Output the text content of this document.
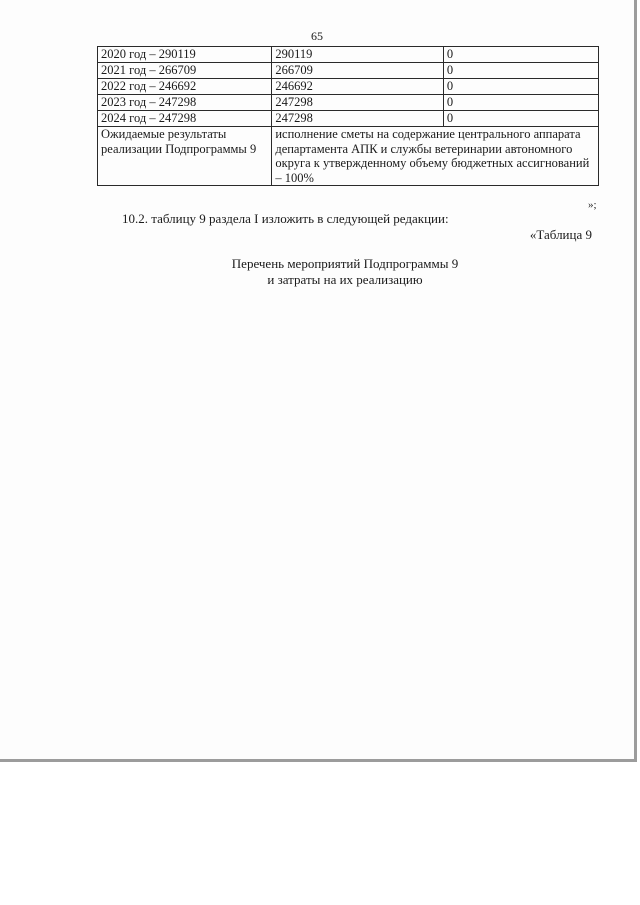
65
2020 год – 290119	290119	0
2021 год – 266709	266709	0
2022 год – 246692	246692	0
2023 год – 247298	247298	0
2024 год – 247298	247298	0
Ожидаемые результаты реализации Подпрограммы 9	исполнение сметы на содержание центрального аппарата департамента АПК и службы ветеринарии автономного округа к утвержденному объему бюджетных ассигнований – 100%	
»;
10.2. таблицу 9 раздела I изложить в следующей редакции:
«Таблица 9
Перечень мероприятий Подпрограммы 9
и затраты на их реализацию
